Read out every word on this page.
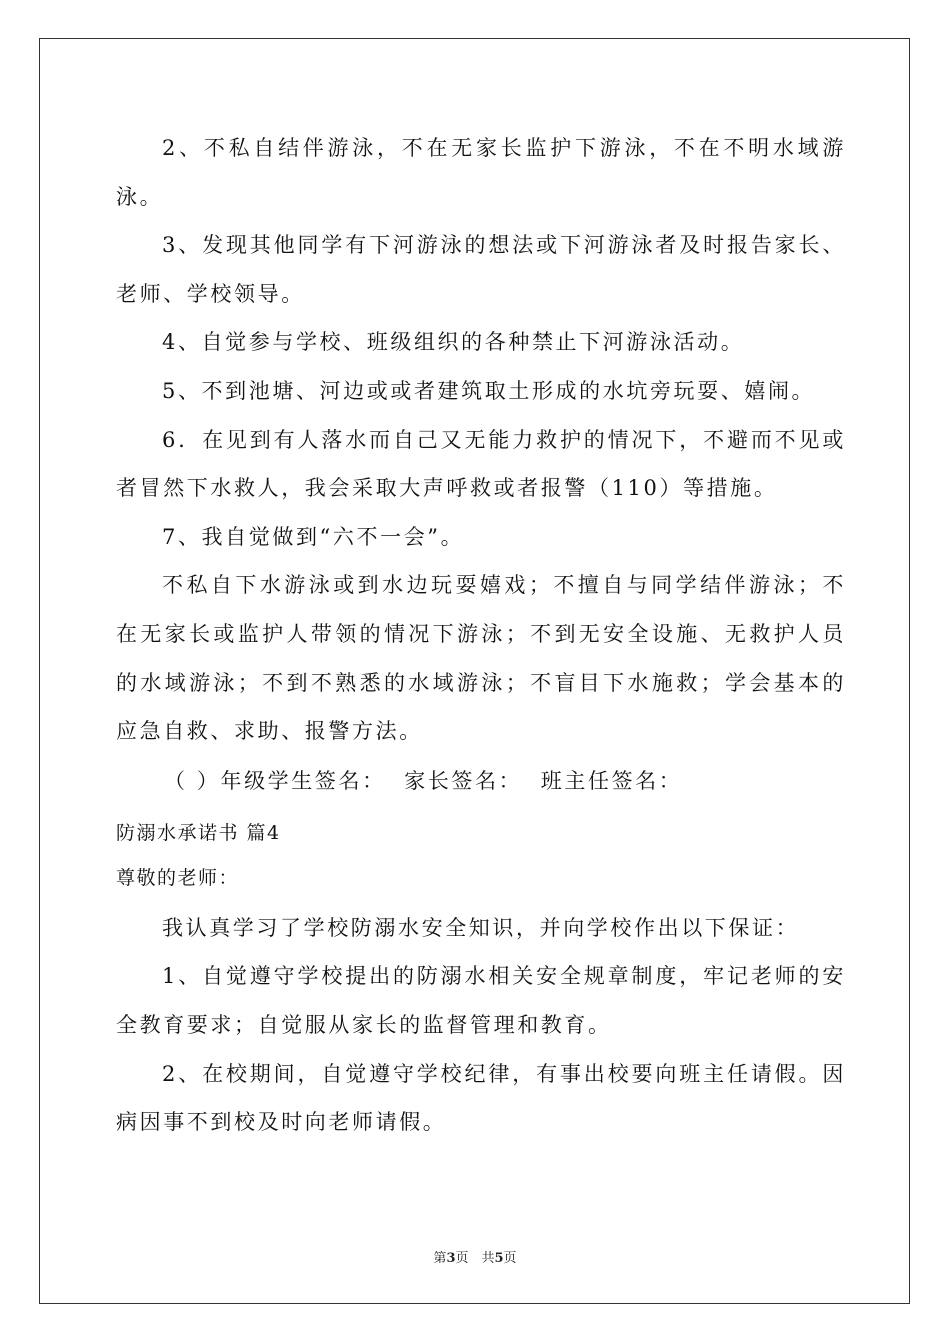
2、不私自结伴游泳，不在无家长监护下游泳，不在不明水域游泳。

3、发现其他同学有下河游泳的想法或下河游泳者及时报告家长、老师、学校领导。

4、自觉参与学校、班级组织的各种禁止下河游泳活动。

5、不到池塘、河边或或者建筑取土形成的水坑旁玩耍、嬉闹。

6．在见到有人落水而自己又无能力救护的情况下，不避而不见或者冒然下水救人，我会采取大声呼救或者报警（110）等措施。

7、我自觉做到“六不一会”。

不私自下水游泳或到水边玩耍嬉戏；不擅自与同学结伴游泳；不在无家长或监护人带领的情况下游泳；不到无安全设施、无救护人员的水域游泳；不到不熟悉的水域游泳；不盲目下水施救；学会基本的应急自救、求助、报警方法。

（ ）年级学生签名：  家长签名：  班主任签名：

防溺水承诺书 篇4

尊敬的老师：

我认真学习了学校防溺水安全知识，并向学校作出以下保证：

1、自觉遵守学校提出的防溺水相关安全规章制度，牢记老师的安全教育要求；自觉服从家长的监督管理和教育。

2、在校期间，自觉遵守学校纪律，有事出校要向班主任请假。因病因事不到校及时向老师请假。

第3页　共5页
